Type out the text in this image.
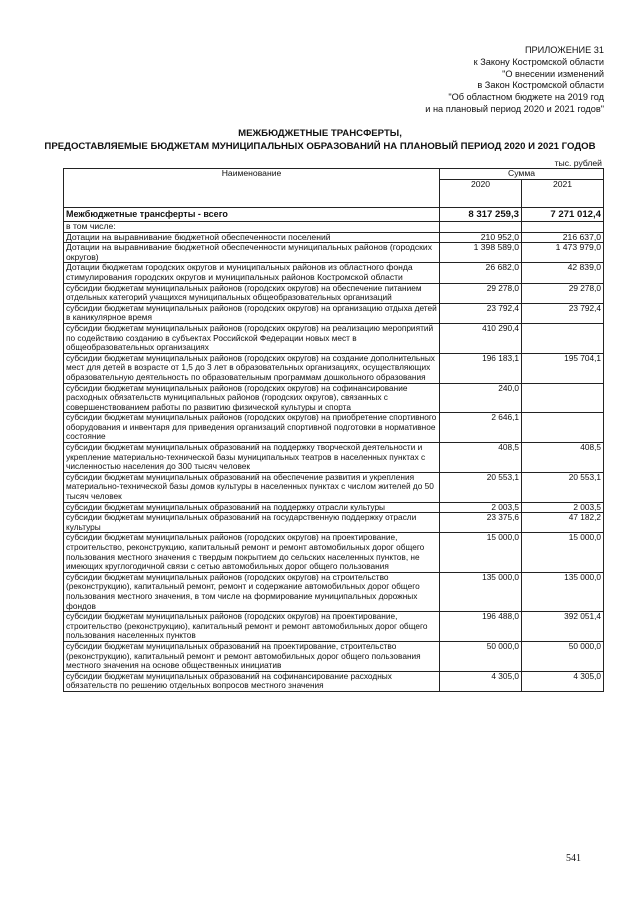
ПРИЛОЖЕНИЕ 31
к Закону Костромской области
"О внесении изменений
в Закон Костромской области
"Об областном бюджете на 2019 год
и на плановый период 2020 и 2021 годов"
МЕЖБЮДЖЕТНЫЕ ТРАНСФЕРТЫ,
ПРЕДОСТАВЛЯЕМЫЕ БЮДЖЕТАМ МУНИЦИПАЛЬНЫХ ОБРАЗОВАНИЙ НА ПЛАНОВЫЙ ПЕРИОД 2020 И 2021 ГОДОВ
тыс. рублей
Наименование	Сумма	
	2020	2021
Межбюджетные трансферты - всего	8 317 259,3	7 271 012,4
в том числе:		
Дотации на выравнивание бюджетной обеспеченности поселений	210 952,0	216 637,0
Дотации на выравнивание бюджетной обеспеченности муниципальных районов (городских округов)	1 398 589,0	1 473 979,0
Дотации бюджетам городских округов и муниципальных районов из областного фонда стимулирования городских округов и муниципальных районов Костромской области	26 682,0	42 839,0
субсидии бюджетам муниципальных районов (городских округов) на обеспечение питанием отдельных категорий учащихся муниципальных общеобразовательных организаций	29 278,0	29 278,0
субсидии бюджетам муниципальных районов (городских округов) на организацию отдыха детей в каникулярное время	23 792,4	23 792,4
субсидии бюджетам муниципальных районов (городских округов) на реализацию мероприятий по содействию созданию в субъектах Российской Федерации новых мест в общеобразовательных организациях	410 290,4	
субсидии бюджетам муниципальных районов (городских округов) на создание дополнительных мест для детей в возрасте от 1,5 до 3 лет в образовательных организациях, осуществляющих образовательную деятельность по образовательным программам дошкольного образования	196 183,1	195 704,1
субсидии бюджетам муниципальных районов (городских округов) на софинансирование расходных обязательств муниципальных районов (городских округов), связанных с совершенствованием работы по развитию физической культуры и спорта	240,0	
субсидии бюджетам муниципальных районов (городских округов) на приобретение спортивного оборудования и инвентаря для приведения организаций спортивной подготовки в нормативное состояние	2 646,1	
субсидии бюджетам муниципальных образований на поддержку творческой деятельности и укрепление материально-технической базы муниципальных театров в населенных пунктах с численностью населения до 300 тысяч человек	408,5	408,5
субсидии бюджетам муниципальных образований на обеспечение развития и укрепления материально-технической базы домов культуры в населенных пунктах с числом жителей до 50 тысяч человек	20 553,1	20 553,1
субсидии бюджетам муниципальных образований на поддержку отрасли культуры	2 003,5	2 003,5
субсидии бюджетам муниципальных образований на государственную поддержку отрасли культуры	23 375,6	47 182,2
субсидии бюджетам муниципальных районов (городских округов) на проектирование, строительство, реконструкцию, капитальный ремонт и ремонт автомобильных дорог общего пользования местного значения с твердым покрытием до сельских населенных пунктов, не имеющих круглогодичной связи с сетью автомобильных дорог общего пользования	15 000,0	15 000,0
субсидии бюджетам муниципальных районов (городских округов) на строительство (реконструкцию), капитальный ремонт, ремонт и содержание автомобильных дорог общего пользования местного значения, в том числе на формирование муниципальных дорожных фондов	135 000,0	135 000,0
субсидии бюджетам муниципальных районов (городских округов) на проектирование, строительство (реконструкцию), капитальный ремонт и ремонт автомобильных дорог общего пользования населенных пунктов	196 488,0	392 051,4
субсидии бюджетам муниципальных образований на проектирование, строительство (реконструкцию), капитальный ремонт и ремонт автомобильных дорог общего пользования местного значения на основе общественных инициатив	50 000,0	50 000,0
субсидии бюджетам муниципальных образований на софинансирование расходных обязательств по решению отдельных вопросов местного значения	4 305,0	4 305,0
541
